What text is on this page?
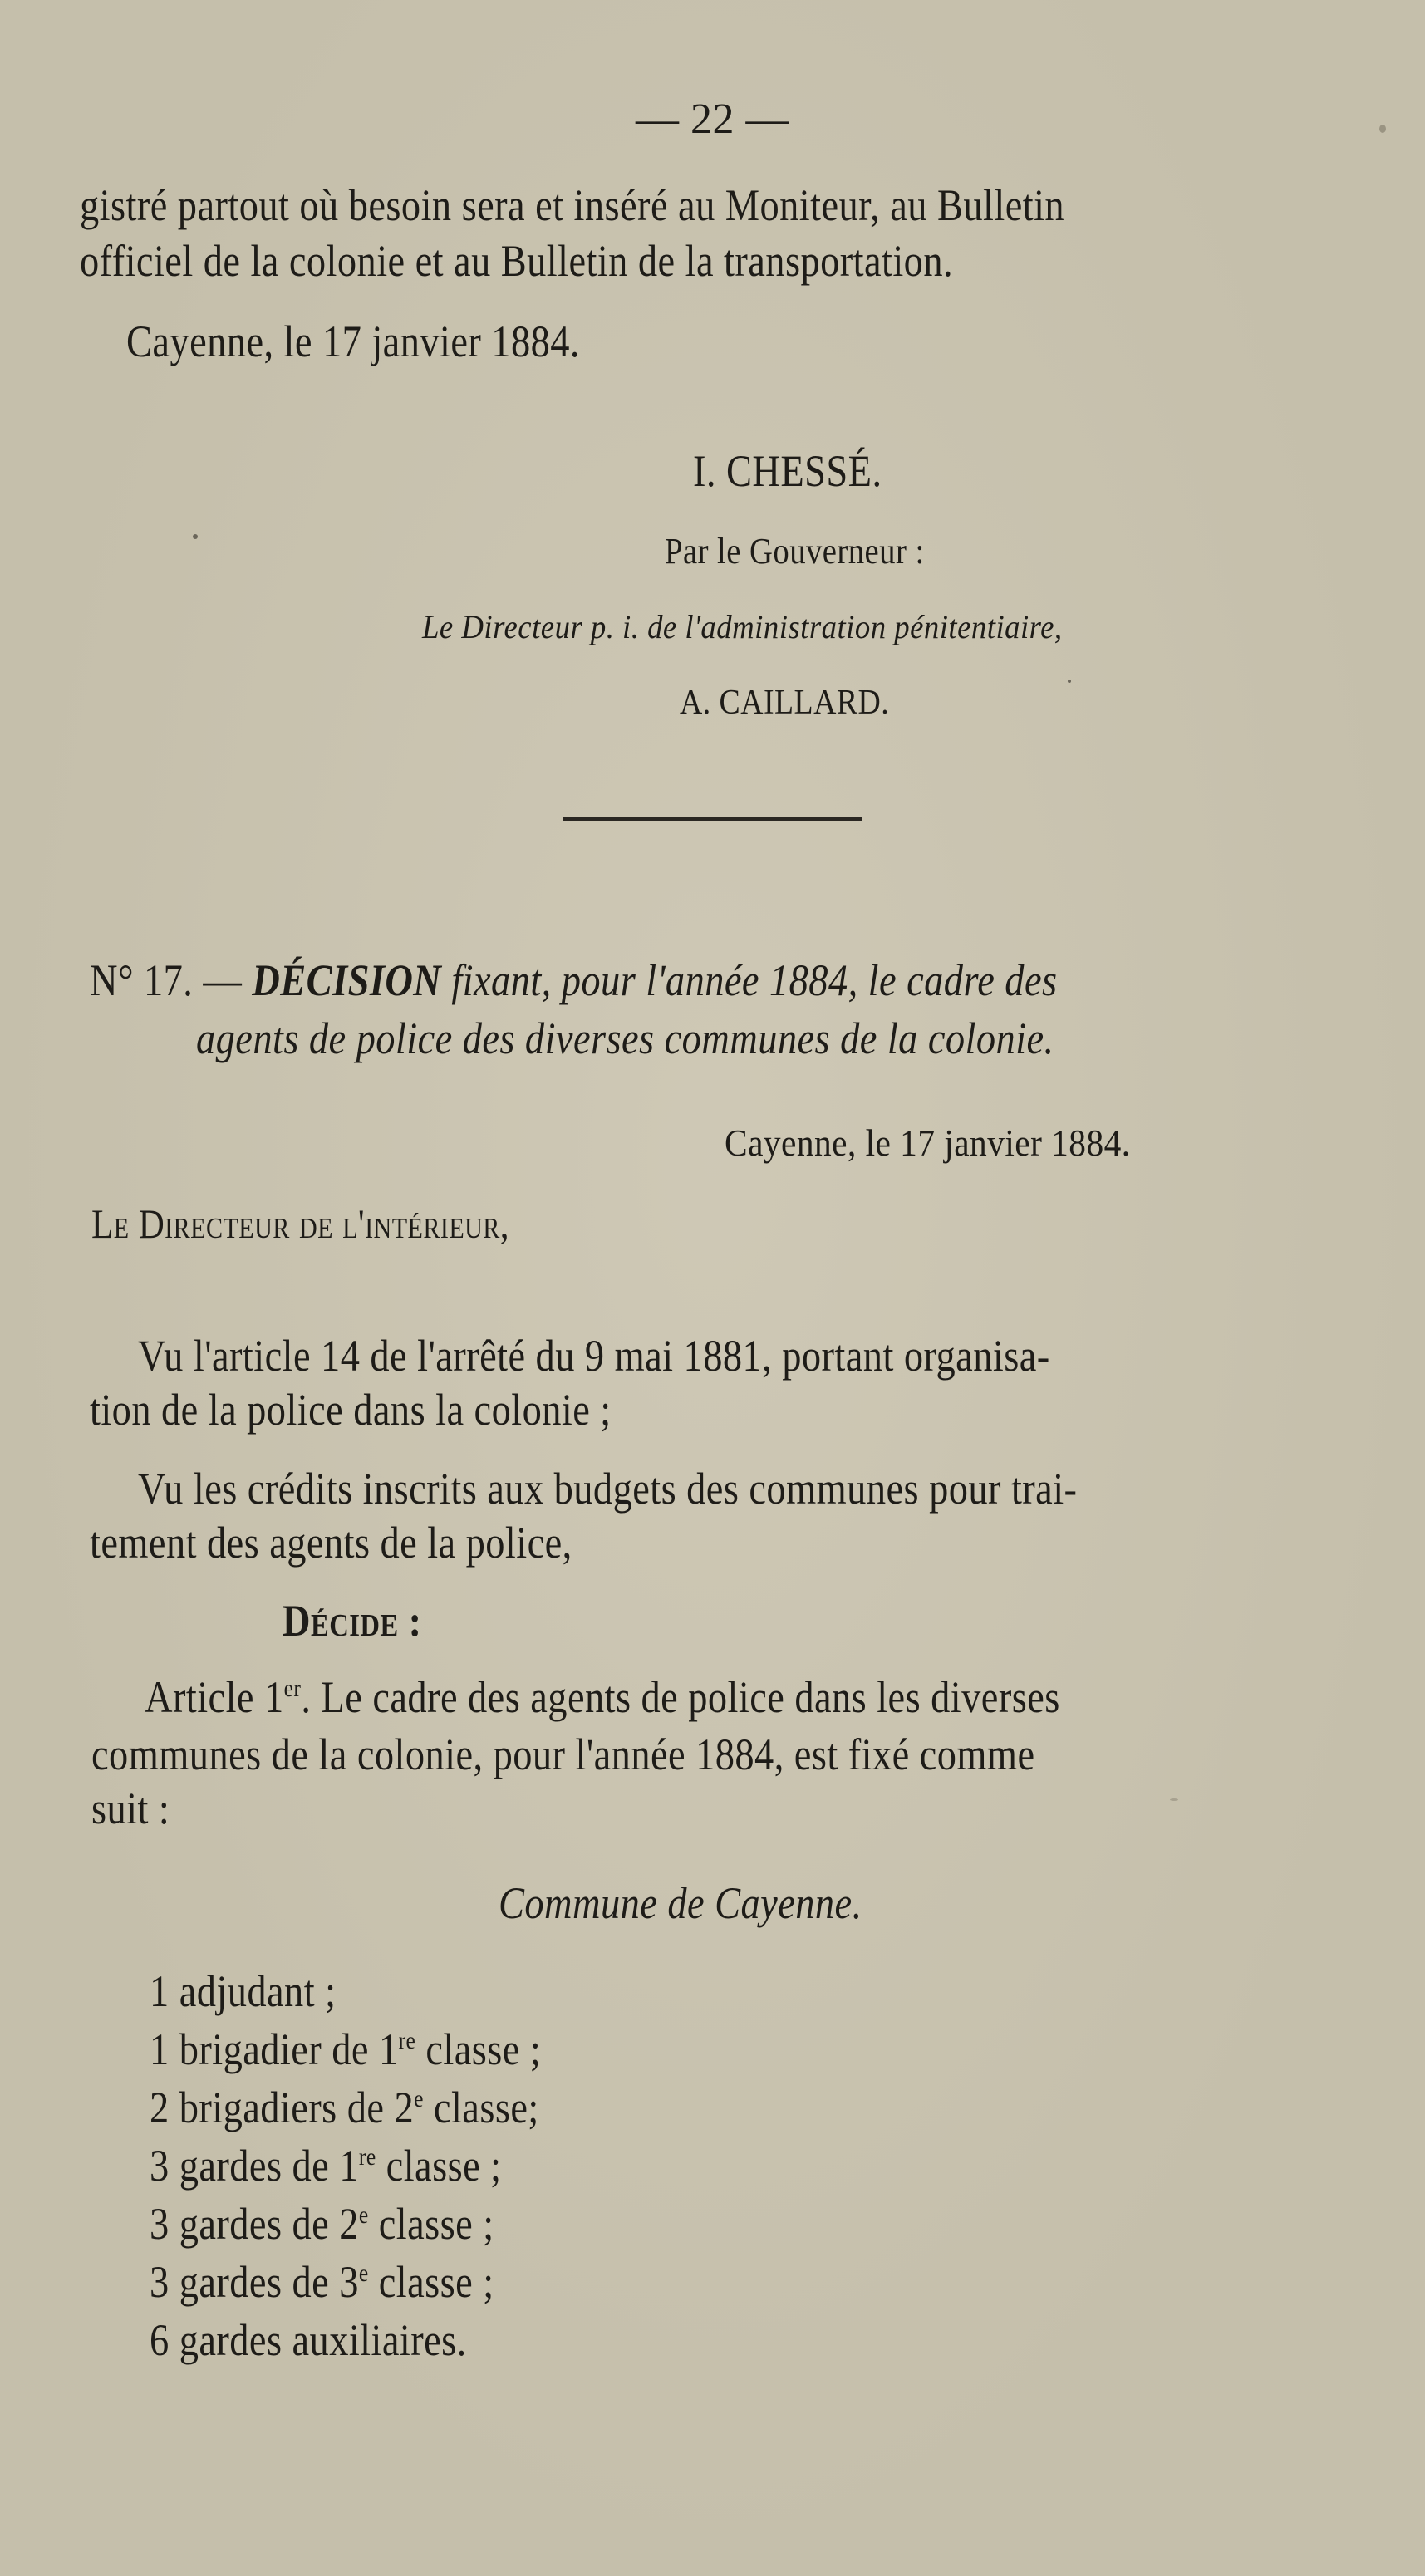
— 22 —
gistré partout où besoin sera et inséré au Moniteur, au Bulletin
officiel de la colonie et au Bulletin de la transportation.
Cayenne, le 17 janvier 1884.
I. CHESSÉ.
Par le Gouverneur :
Le Directeur p. i. de l'administration pénitentiaire,
A. CAILLARD.
N° 17. — DÉCISION fixant, pour l'année 1884, le cadre des
agents de police des diverses communes de la colonie.
Cayenne, le 17 janvier 1884.
Le Directeur de l'intérieur,
Vu l'article 14 de l'arrêté du 9 mai 1881, portant organisa-
tion de la police dans la colonie ;
Vu les crédits inscrits aux budgets des communes pour trai-
tement des agents de la police,
Décide :
Article 1er. Le cadre des agents de police dans les diverses
communes de la colonie, pour l'année 1884, est fixé comme
suit :
Commune de Cayenne.
1 adjudant ;
1 brigadier de 1re classe ;
2 brigadiers de 2e classe;
3 gardes de 1re classe ;
3 gardes de 2e classe ;
3 gardes de 3e classe ;
6 gardes auxiliaires.
